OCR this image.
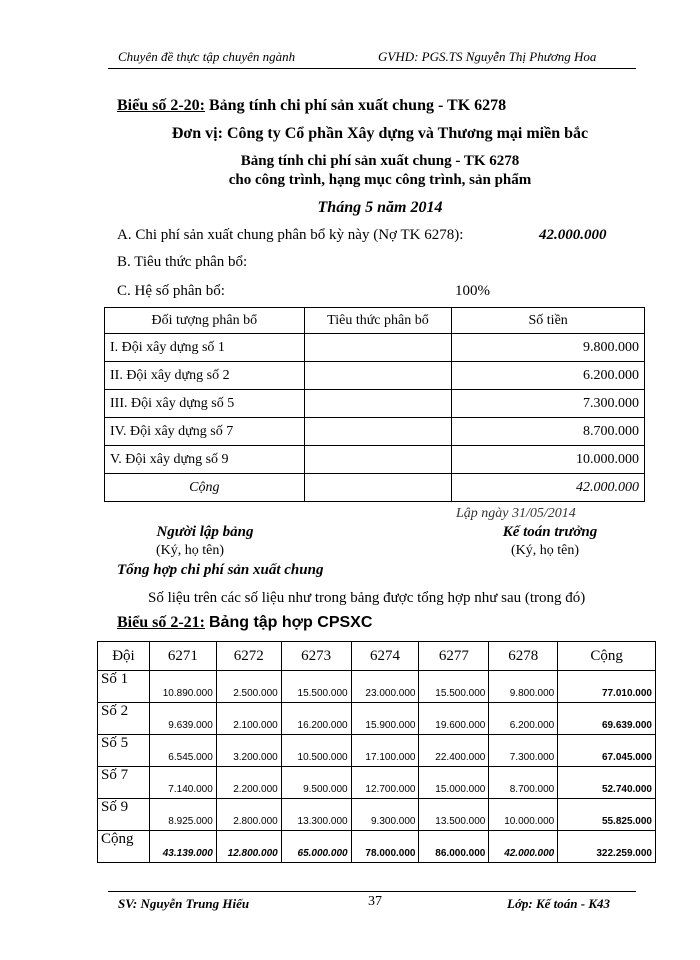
Chuyên đề thực tập chuyên ngành	GVHD: PGS.TS Nguyễn Thị Phương Hoa
Biểu số 2-20: Bảng tính chi phí sản xuất chung - TK 6278
Đơn vị: Công ty Cổ phần Xây dựng và Thương mại miền bắc
Bảng tính chi phí sản xuất chung - TK 6278
cho công trình, hạng mục công trình, sản phẩm
Tháng 5 năm 2014
A. Chi phí sản xuất chung phân bổ kỳ này (Nợ TK 6278):	42.000.000
B. Tiêu thức phân bổ:
C. Hệ số phân bổ:	100%
Đối tượng phân bổ	Tiêu thức phân bổ	Số tiền
I. Đội xây dựng số 1		9.800.000
II. Đội xây dựng số 2		6.200.000
III. Đội xây dựng số 5		7.300.000
IV. Đội xây dựng số 7		8.700.000
V. Đội xây dựng số 9		10.000.000
Cộng		42.000.000
Lập ngày 31/05/2014
Người lập bảng
(Ký, họ tên)
Kế toán trưởng
(Ký, họ tên)
Tổng hợp chi phí sản xuất chung
Số liệu trên các số liệu như trong bảng được tổng hợp như sau (trong đó)
Biểu số 2-21: Bảng tập hợp CPSXC
Đội	6271	6272	6273	6274	6277	6278	Cộng
Số 1	10.890.000	2.500.000	15.500.000	23.000.000	15.500.000	9.800.000	77.010.000
Số 2	9.639.000	2.100.000	16.200.000	15.900.000	19.600.000	6.200.000	69.639.000
Số 5	6.545.000	3.200.000	10.500.000	17.100.000	22.400.000	7.300.000	67.045.000
Số 7	7.140.000	2.200.000	9.500.000	12.700.000	15.000.000	8.700.000	52.740.000
Số 9	8.925.000	2.800.000	13.300.000	9.300.000	13.500.000	10.000.000	55.825.000
Cộng	43.139.000	12.800.000	65.000.000	78.000.000	86.000.000	42.000.000	322.259.000
SV: Nguyễn Trung Hiếu	37	Lớp: Kế toán - K43
